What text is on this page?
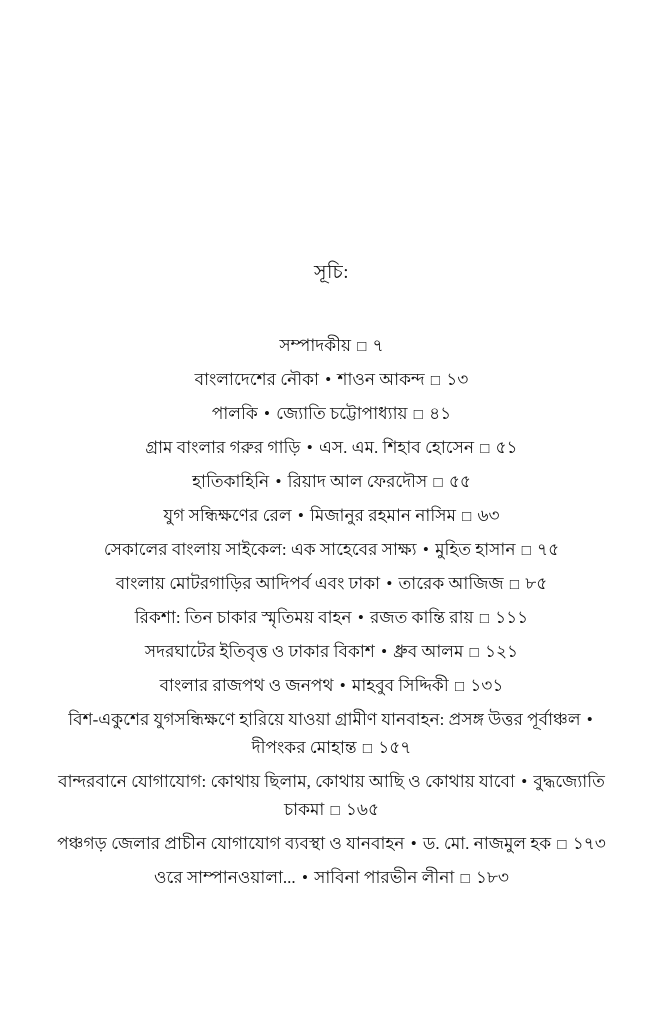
সূচি:
সম্পাদকীয় □ ৭
বাংলাদেশের নৌকা • শাওন আকন্দ □ ১৩
পালকি • জ্যোতি চট্টোপাধ্যায় □ ৪১
গ্রাম বাংলার গরুর গাড়ি • এস. এম. শিহাব হোসেন □ ৫১
হাতিকাহিনি • রিয়াদ আল ফেরদৌস □ ৫৫
যুগ সন্ধিক্ষণের রেল • মিজানুর রহমান নাসিম □ ৬৩
সেকালের বাংলায় সাইকেল: এক সাহেবের সাক্ষ্য • মুহিত হাসান □ ৭৫
বাংলায় মোটরগাড়ির আদিপর্ব এবং ঢাকা • তারেক আজিজ □ ৮৫
রিকশা: তিন চাকার স্মৃতিময় বাহন • রজত কান্তি রায় □ ১১১
সদরঘাটের ইতিবৃত্ত ও ঢাকার বিকাশ • ধ্রুব আলম □ ১২১
বাংলার রাজপথ ও জনপথ • মাহবুব সিদ্দিকী □ ১৩১
বিশ-একুশের যুগসন্ধিক্ষণে হারিয়ে যাওয়া গ্রামীণ যানবাহন: প্রসঙ্গ উত্তর পূর্বাঞ্চল • দীপংকর মোহান্ত □ ১৫৭
বান্দরবানে যোগাযোগ: কোথায় ছিলাম, কোথায় আছি ও কোথায় যাবো • বুদ্ধজ্যোতি চাকমা □ ১৬৫
পঞ্চগড় জেলার প্রাচীন যোগাযোগ ব্যবস্থা ও যানবাহন • ড. মো. নাজমুল হক □ ১৭৩
ওরে সাম্পানওয়ালা... • সাবিনা পারভীন লীনা □ ১৮৩
